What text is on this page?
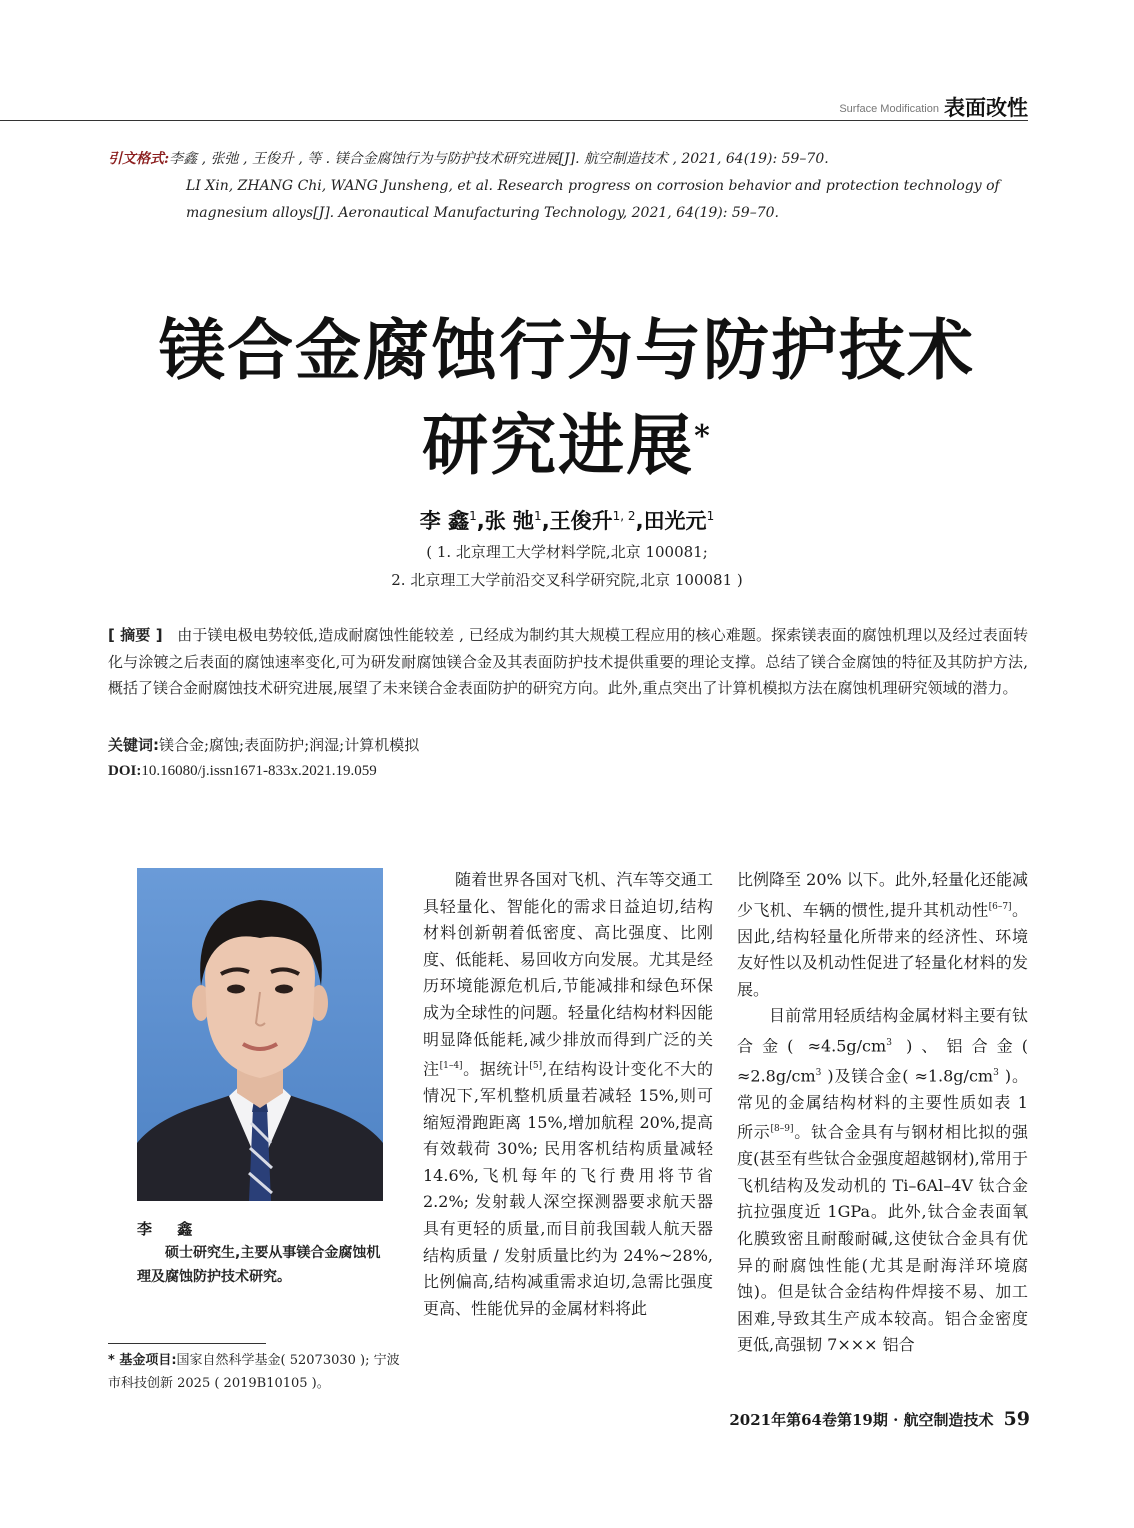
Surface Modification 表面改性
引文格式:李鑫 , 张弛 , 王俊升 , 等 . 镁合金腐蚀行为与防护技术研究进展[J]. 航空制造技术 , 2021, 64(19): 59–70.
LI Xin, ZHANG Chi, WANG Junsheng, et al. Research progress on corrosion behavior and protection technology of
magnesium alloys[J]. Aeronautical Manufacturing Technology, 2021, 64(19): 59–70.
镁合金腐蚀行为与防护技术
研究进展*
李 鑫$^1$,张 弛$^1$,王俊升$^{1, 2}$,田光元$^1$
( 1. 北京理工大学材料学院,北京 100081;
2. 北京理工大学前沿交叉科学研究院,北京 100081 )
[ 摘要 ] 由于镁电极电势较低,造成耐腐蚀性能较差 , 已经成为制约其大规模工程应用的核心难题。探索镁表面的腐蚀机理以及经过表面转化与涂镀之后表面的腐蚀速率变化,可为研发耐腐蚀镁合金及其表面防护技术提供重要的理论支撑。总结了镁合金腐蚀的特征及其防护方法,概括了镁合金耐腐蚀技术研究进展,展望了未来镁合金表面防护的研究方向。此外,重点突出了计算机模拟方法在腐蚀机理研究领域的潜力。
关键词:镁合金;腐蚀;表面防护;润湿;计算机模拟
DOI:10.16080/j.issn1671-833x.2021.19.059
李 鑫
硕士研究生,主要从事镁合金腐蚀机理及腐蚀防护技术研究。
* 基金项目:国家自然科学基金( 52073030 ); 宁波市科技创新 2025 ( 2019B10105 )。

随着世界各国对飞机、汽车等交通工具轻量化、智能化的需求日益迫切,结构材料创新朝着低密度、高比强度、比刚度、低能耗、易回收方向发展。尤其是经历环境能源危机后,节能减排和绿色环保成为全球性的问题。轻量化结构材料因能明显降低能耗,减少排放而得到广泛的关注[1–4]。据统计[5],在结构设计变化不大的情况下,军机整机质量若减轻 15%,则可缩短滑跑距离 15%,增加航程 20%,提高有效载荷 30%; 民用客机结构质量减轻 14.6%,飞机每年的飞行费用将节省 2.2%; 发射载人深空探测器要求航天器具有更轻的质量,而目前我国载人航天器结构质量 / 发射质量比约为 24%~28%,比例偏高,结构减重需求迫切,急需比强度更高、性能优异的金属材料将此

比例降至 20% 以下。此外,轻量化还能减少飞机、车辆的惯性,提升其机动性[6–7]。因此,结构轻量化所带来的经济性、环境友好性以及机动性促进了轻量化材料的发展。

目前常用轻质结构金属材料主要有钛合金( $\approx 4.5g/cm^3$ )、铝合金( $\approx 2.8g/cm^3$ )及镁合金( $\approx 1.8g/cm^3$ )。常见的金属结构材料的主要性质如表 1 所示[8–9]。钛合金具有与钢材相比拟的强度(甚至有些钛合金强度超越钢材),常用于飞机结构及发动机的 Ti–6Al–4V 钛合金抗拉强度近 1GPa。此外,钛合金表面氧化膜致密且耐酸耐碱,这使钛合金具有优异的耐腐蚀性能(尤其是耐海洋环境腐蚀)。但是钛合金结构件焊接不易、加工困难,导致其生产成本较高。铝合金密度更低,高强韧 7××× 铝合

2021年第64卷第19期 · 航空制造技术 59
